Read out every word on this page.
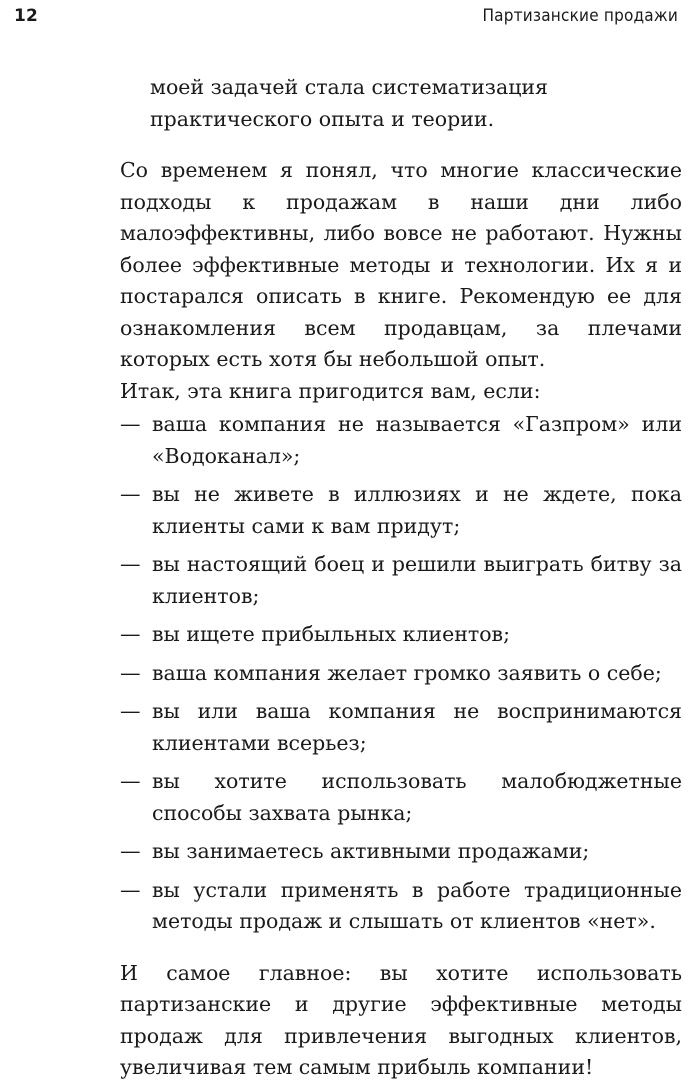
12	Партизанские продажи

моей задачей стала систематизация практического опыта и теории.

Со временем я понял, что многие классические подходы к продажам в наши дни либо малоэффективны, либо вовсе не работают. Нужны более эффективные методы и технологии. Их я и постарался описать в книге. Рекомендую ее для ознакомления всем продавцам, за плечами которых есть хотя бы небольшой опыт.

Итак, эта книга пригодится вам, если:

— ваша компания не называется «Газпром» или «Водоканал»;
— вы не живете в иллюзиях и не ждете, пока клиенты сами к вам придут;
— вы настоящий боец и решили выиграть битву за клиентов;
— вы ищете прибыльных клиентов;
— ваша компания желает громко заявить о себе;
— вы или ваша компания не воспринимаются клиентами всерьез;
— вы хотите использовать малобюджетные способы захвата рынка;
— вы занимаетесь активными продажами;
— вы устали применять в работе традиционные методы продаж и слышать от клиентов «нет».

И самое главное: вы хотите использовать партизанские и другие эффективные методы продаж для привлечения выгодных клиентов, увеличивая тем самым прибыль компании!
